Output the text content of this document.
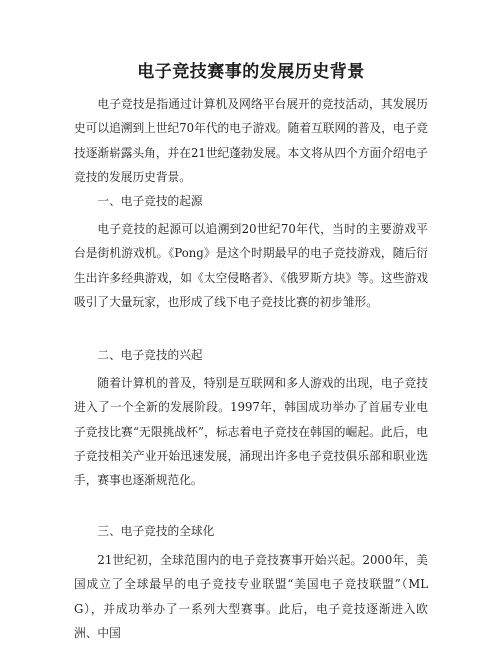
电子竞技赛事的发展历史背景

电子竞技是指通过计算机及网络平台展开的竞技活动，其发展历史可以追溯到上世纪70年代的电子游戏。随着互联网的普及，电子竞技逐渐崭露头角，并在21世纪蓬勃发展。本文将从四个方面介绍电子竞技的发展历史背景。

一、电子竞技的起源

电子竞技的起源可以追溯到20世纪70年代，当时的主要游戏平台是街机游戏机。《Pong》是这个时期最早的电子竞技游戏，随后衍生出许多经典游戏，如《太空侵略者》、《俄罗斯方块》等。这些游戏吸引了大量玩家，也形成了线下电子竞技比赛的初步雏形。

二、电子竞技的兴起

随着计算机的普及，特别是互联网和多人游戏的出现，电子竞技进入了一个全新的发展阶段。1997年，韩国成功举办了首届专业电子竞技比赛“无限挑战杯”，标志着电子竞技在韩国的崛起。此后，电子竞技相关产业开始迅速发展，涌现出许多电子竞技俱乐部和职业选手，赛事也逐渐规范化。

三、电子竞技的全球化

21世纪初，全球范围内的电子竞技赛事开始兴起。2000年，美国成立了全球最早的电子竞技专业联盟“美国电子竞技联盟”（MLG），并成功举办了一系列大型赛事。此后，电子竞技逐渐进入欧洲、中国
